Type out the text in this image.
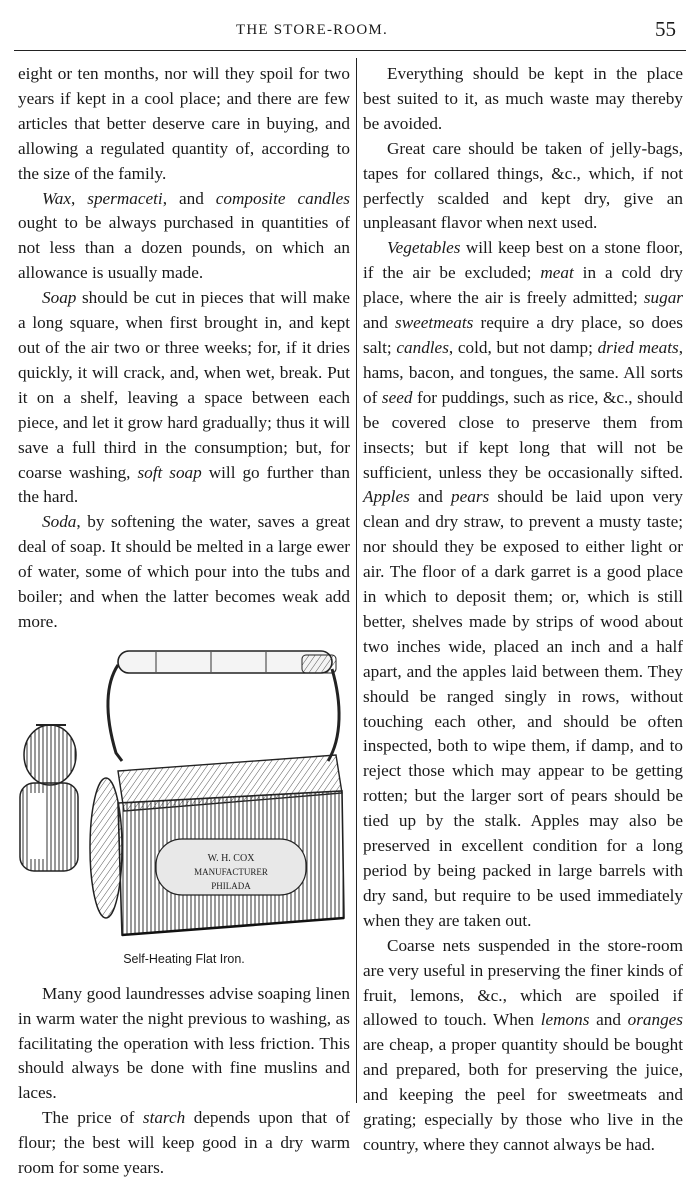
THE STORE-ROOM.	55

eight or ten months, nor will they spoil for two years if kept in a cool place; and there are few articles that better deserve care in buying, and allowing a regulated quantity of, according to the size of the family.

Wax, spermaceti, and composite candles ought to be always purchased in quantities of not less than a dozen pounds, on which an allowance is usually made.

Soap should be cut in pieces that will make a long square, when first brought in, and kept out of the air two or three weeks; for, if it dries quickly, it will crack, and, when wet, break. Put it on a shelf, leaving a space between each piece, and let it grow hard gradually; thus it will save a full third in the consumption; but, for coarse washing, soft soap will go further than the hard.

Soda, by softening the water, saves a great deal of soap. It should be melted in a large ewer of water, some of which pour into the tubs and boiler; and when the latter becomes weak add more.

W. H. COX
MANUFACTURER
PHILADA
Self-Heating Flat Iron.

Many good laundresses advise soaping linen in warm water the night previous to washing, as facilitating the operation with less friction. This should always be done with fine muslins and laces.

The price of starch depends upon that of flour; the best will keep good in a dry warm room for some years.

Everything should be kept in the place best suited to it, as much waste may thereby be avoided.

Great care should be taken of jelly-bags, tapes for collared things, &c., which, if not perfectly scalded and kept dry, give an unpleasant flavor when next used.

Vegetables will keep best on a stone floor, if the air be excluded; meat in a cold dry place, where the air is freely admitted; sugar and sweetmeats require a dry place, so does salt; candles, cold, but not damp; dried meats, hams, bacon, and tongues, the same. All sorts of seed for puddings, such as rice, &c., should be covered close to preserve them from insects; but if kept long that will not be sufficient, unless they be occasionally sifted. Apples and pears should be laid upon very clean and dry straw, to prevent a musty taste; nor should they be exposed to either light or air. The floor of a dark garret is a good place in which to deposit them; or, which is still better, shelves made by strips of wood about two inches wide, placed an inch and a half apart, and the apples laid between them. They should be ranged singly in rows, without touching each other, and should be often inspected, both to wipe them, if damp, and to reject those which may appear to be getting rotten; but the larger sort of pears should be tied up by the stalk. Apples may also be preserved in excellent condition for a long period by being packed in large barrels with dry sand, but require to be used immediately when they are taken out.

Coarse nets suspended in the store-room are very useful in preserving the finer kinds of fruit, lemons, &c., which are spoiled if allowed to touch. When lemons and oranges are cheap, a proper quantity should be bought and prepared, both for preserving the juice, and keeping the peel for sweetmeats and grating; especially by those who live in the country, where they cannot always be had.
